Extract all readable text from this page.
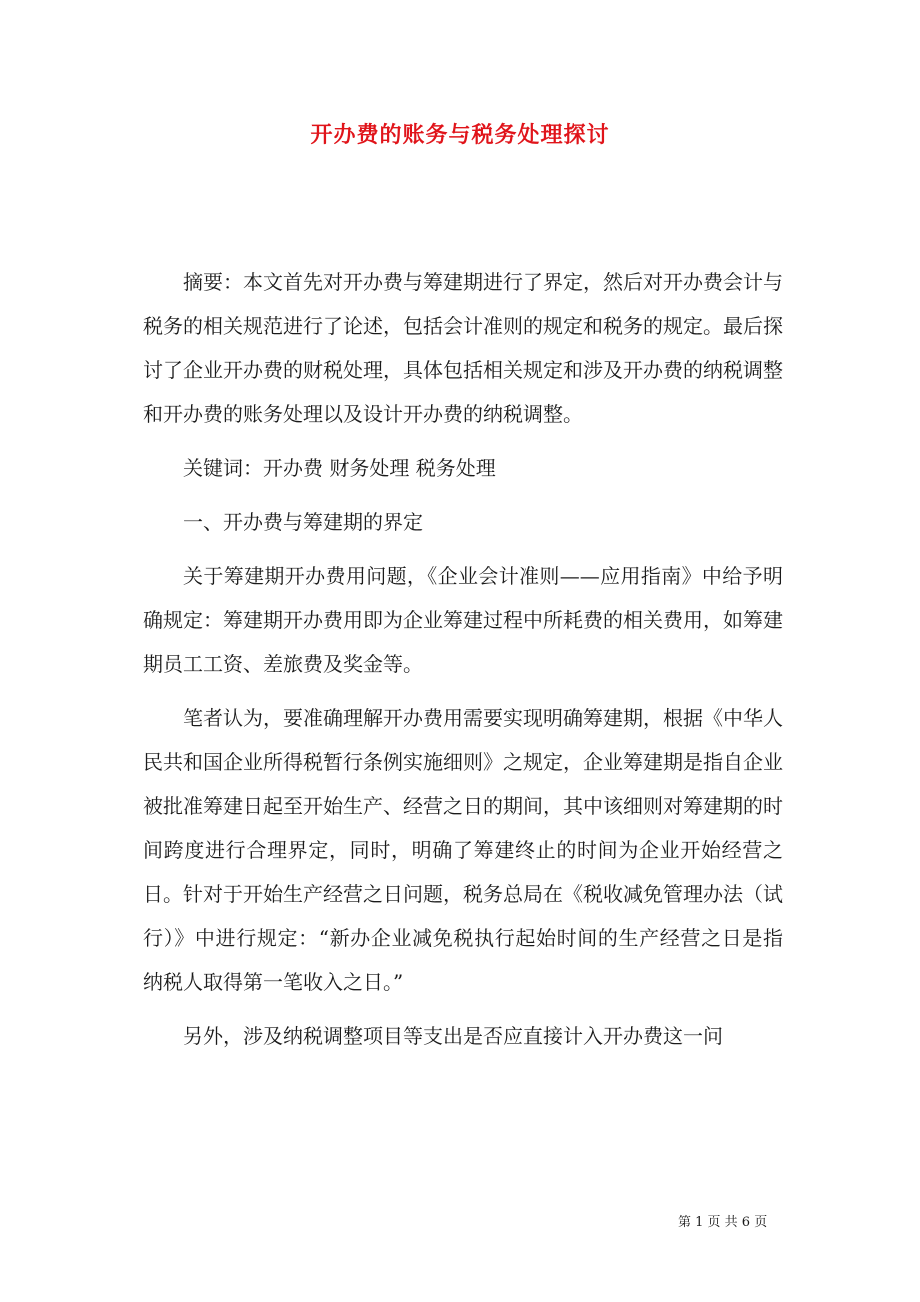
开办费的账务与税务处理探讨

摘要：本文首先对开办费与筹建期进行了界定，然后对开办费会计与税务的相关规范进行了论述，包括会计准则的规定和税务的规定。最后探讨了企业开办费的财税处理，具体包括相关规定和涉及开办费的纳税调整和开办费的账务处理以及设计开办费的纳税调整。

关键词：开办费 财务处理 税务处理

一、开办费与筹建期的界定

关于筹建期开办费用问题，《企业会计准则——应用指南》中给予明确规定：筹建期开办费用即为企业筹建过程中所耗费的相关费用，如筹建期员工工资、差旅费及奖金等。

笔者认为，要准确理解开办费用需要实现明确筹建期，根据《中华人民共和国企业所得税暂行条例实施细则》之规定，企业筹建期是指自企业被批准筹建日起至开始生产、经营之日的期间，其中该细则对筹建期的时间跨度进行合理界定，同时，明确了筹建终止的时间为企业开始经营之日。针对于开始生产经营之日问题，税务总局在《税收减免管理办法（试行）》中进行规定：“新办企业减免税执行起始时间的生产经营之日是指纳税人取得第一笔收入之日。”

另外，涉及纳税调整项目等支出是否应直接计入开办费这一问

第 1 页 共 6 页
